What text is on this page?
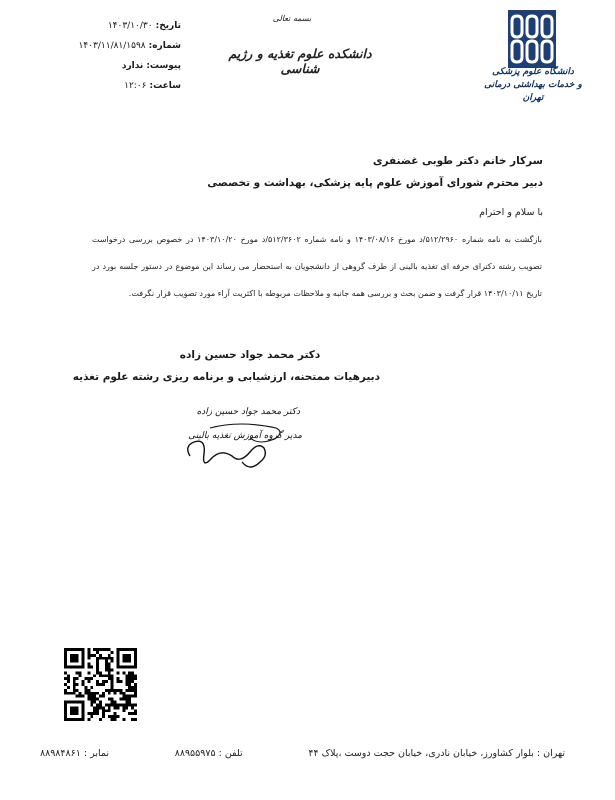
تاریخ:
۱۴۰۳/۱۰/۳۰
شماره:
۱۴۰۳/۱۱/۸۱/۱۵۹۸
پیوست:
ندارد
ساعت:
۱۲:۰۶
بسمه تعالی
دانشکده علوم تغذیه و رژیم شناسی	دانشگاه علوم پزشکی
و خدمات بهداشتی درمانی تهران
سرکار خانم دکتر طوبی غضنفری
دبیر محترم شورای آموزش علوم پایه پزشکی، بهداشت و تخصصی
با سلام و احترام
بازگشت به نامه شماره ۵۱۲/۲۹۶۰/د مورخ ۱۴۰۳/۰۸/۱۶ و نامه شماره ۵۱۲/۳۶۰۲/د مورخ ۱۴۰۳/۱۰/۲۰ در خصوص بررسی درخواست تصویب رشته دکترای حرفه ای تغذیه بالینی از طرف گروهی از دانشجویان به استحضار می رساند این موضوع در دستور جلسه بورد در تاریخ ۱۴۰۳/۱۰/۱۱ قرار گرفت و ضمن بحث و بررسی همه جانبه و ملاحظات مربوطه با اکثریت آراء مورد تصویب قرار نگرفت.
دکتر محمد جواد حسین زاده
دبیرهیات ممتحنه، ارزشیابی و برنامه ریزی رشته علوم تغذیه
دکتر محمد جواد حسین زاده
مدیر گروه آموزش تغذیه بالینی
تهران : بلوار کشاورز، خیابان نادری، خیابان حجت دوست ،پلاک ۴۴
تلفن : ۸۸۹۵۵۹۷۵
نمابر : ۸۸۹۸۴۸۶۱
